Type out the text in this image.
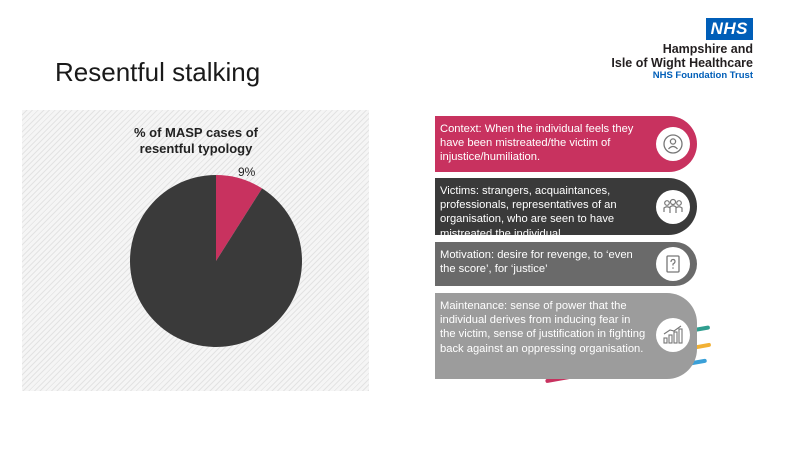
Resentful stalking
NHS
Hampshire and
Isle of Wight Healthcare
NHS Foundation Trust
% of MASP cases of resentful typology
9%
Context: When the individual feels they have been mistreated/the victim of injustice/humiliation.
Victims: strangers, acquaintances, professionals, representatives of an organisation, who are seen to have mistreated the individual
Motivation: desire for revenge, to ‘even the score’, for ‘justice’
Maintenance: sense of power that the individual derives from inducing fear in the victim, sense of justification in fighting back against an oppressing organisation.
